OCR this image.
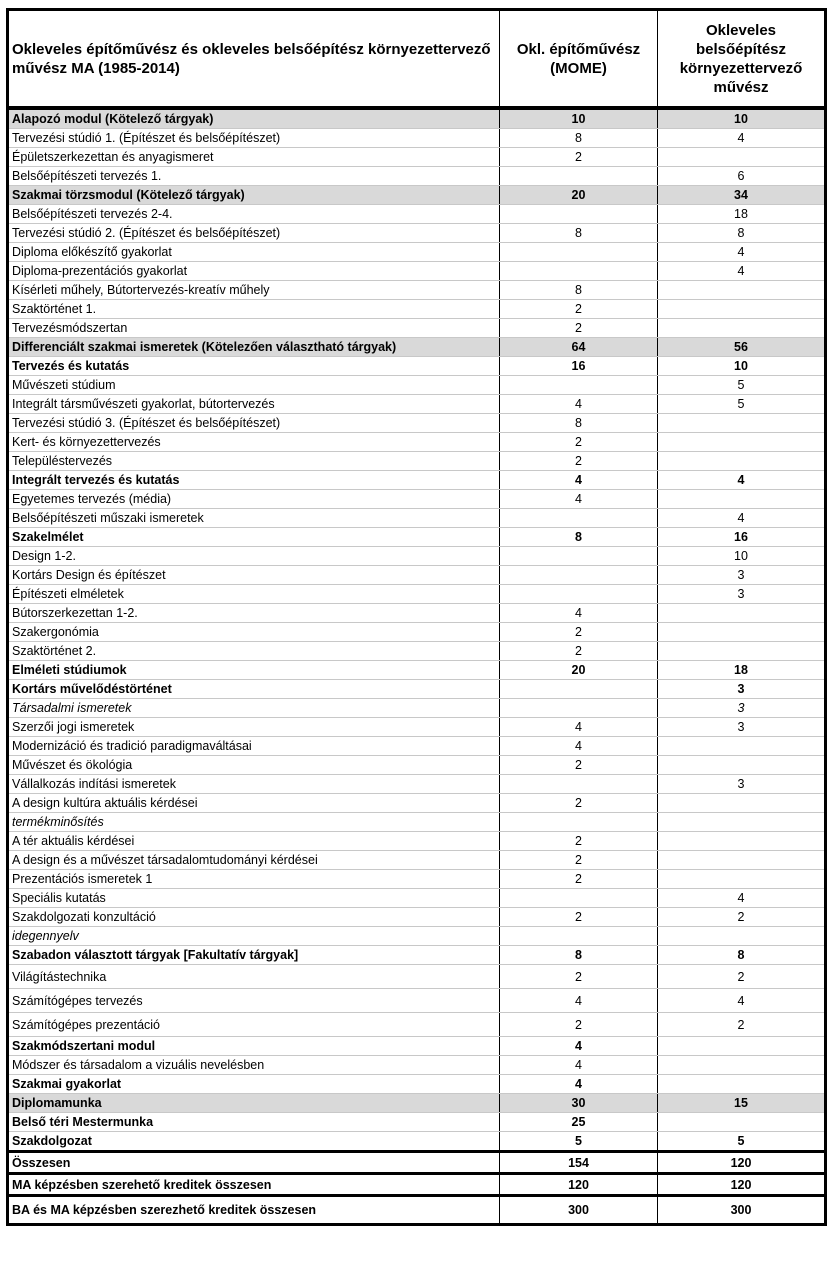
Okleveles építőművész és okleveles belsőépítész környezettervező művész MA (1985-2014)	Okl. építőművész (MOME)	Okleveles belsőépítész környezettervező művész
Alapozó modul (Kötelező tárgyak)	10	10
Tervezési stúdió 1. (Építészet és belsőépítészet)	8	4
Épületszerkezettan és anyagismeret	2	
Belsőépítészeti tervezés 1.		6
Szakmai törzsmodul (Kötelező tárgyak)	20	34
Belsőépítészeti tervezés 2-4.		18
Tervezési stúdió 2. (Építészet és belsőépítészet)	8	8
Diploma előkészítő gyakorlat		4
Diploma-prezentációs gyakorlat		4
Kísérleti műhely, Bútortervezés-kreatív műhely	8	
Szaktörténet 1.	2	
Tervezésmódszertan	2	
Differenciált szakmai ismeretek (Kötelezően választható tárgyak)	64	56
Tervezés és kutatás	16	10
Művészeti stúdium		5
Integrált társművészeti gyakorlat, bútortervezés	4	5
Tervezési stúdió 3. (Építészet és belsőépítészet)	8	
Kert- és környezettervezés	2	
Településtervezés	2	
Integrált tervezés és kutatás	4	4
Egyetemes tervezés (média)	4	
Belsőépítészeti műszaki ismeretek		4
Szakelmélet	8	16
Design 1-2.		10
Kortárs Design és építészet		3
Építészeti elméletek		3
Bútorszerkezettan 1-2.	4	
Szakergonómia	2	
Szaktörténet 2.	2	
Elméleti stúdiumok	20	18
Kortárs művelődéstörténet		3
Társadalmi ismeretek		3
Szerzői jogi ismeretek	4	3
Modernizáció és tradició paradigmaváltásai	4	
Művészet és ökológia	2	
Vállalkozás indítási ismeretek		3
A design kultúra aktuális kérdései	2	
termékminősítés		
A tér aktuális kérdései	2	
A design és a művészet társadalomtudományi kérdései	2	
Prezentációs ismeretek 1	2	
Speciális kutatás		4
Szakdolgozati konzultáció	2	2
idegennyelv		
Szabadon választott tárgyak [Fakultatív tárgyak]	8	8
Világítástechnika	2	2
Számítógépes tervezés	4	4
Számítógépes prezentáció	2	2
Szakmódszertani modul	4	
Módszer és társadalom a vizuális nevelésben	4	
Szakmai gyakorlat	4	
Diplomamunka	30	15
Belső téri Mestermunka	25	
Szakdolgozat	5	5
Összesen	154	120
MA képzésben szerehető kreditek összesen	120	120
BA és MA képzésben szerezhető kreditek összesen	300	300
